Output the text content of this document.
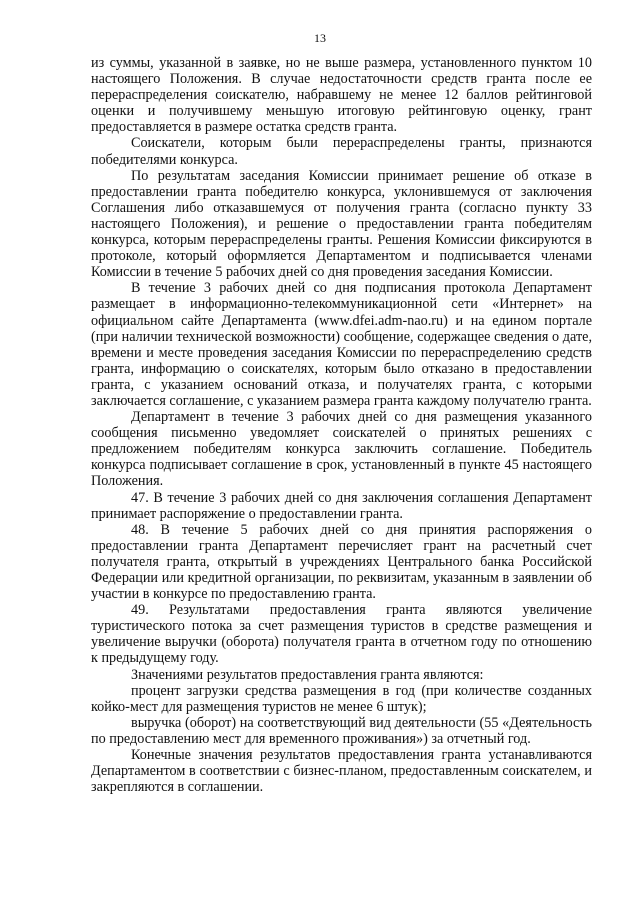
13

из суммы, указанной в заявке, но не выше размера, установленного пунктом 10 настоящего Положения. В случае недостаточности средств гранта после ее перераспределения соискателю, набравшему не менее 12 баллов рейтинговой оценки и получившему меньшую итоговую рейтинговую оценку, грант предоставляется в размере остатка средств гранта.

Соискатели, которым были перераспределены гранты, признаются победителями конкурса.

По результатам заседания Комиссии принимает решение об отказе в предоставлении гранта победителю конкурса, уклонившемуся от заключения Соглашения либо отказавшемуся от получения гранта (согласно пункту 33 настоящего Положения), и решение о предоставлении гранта победителям конкурса, которым перераспределены гранты. Решения Комиссии фиксируются в протоколе, который оформляется Департаментом и подписывается членами Комиссии в течение 5 рабочих дней со дня проведения заседания Комиссии.

В течение 3 рабочих дней со дня подписания протокола Департамент размещает в информационно-телекоммуникационной сети «Интернет» на официальном сайте Департамента (www.dfei.adm-nao.ru) и на едином портале (при наличии технической возможности) сообщение, содержащее сведения о дате, времени и месте проведения заседания Комиссии по перераспределению средств гранта, информацию о соискателях, которым было отказано в предоставлении гранта, с указанием оснований отказа, и получателях гранта, с которыми заключается соглашение, с указанием размера гранта каждому получателю гранта.

Департамент в течение 3 рабочих дней со дня размещения указанного сообщения письменно уведомляет соискателей о принятых решениях с предложением победителям конкурса заключить соглашение. Победитель конкурса подписывает соглашение в срок, установленный в пункте 45 настоящего Положения.

47. В течение 3 рабочих дней со дня заключения соглашения Департамент принимает распоряжение о предоставлении гранта.

48. В течение 5 рабочих дней со дня принятия распоряжения о предоставлении гранта Департамент перечисляет грант на расчетный счет получателя гранта, открытый в учреждениях Центрального банка Российской Федерации или кредитной организации, по реквизитам, указанным в заявлении об участии в конкурсе по предоставлению гранта.

49. Результатами предоставления гранта являются увеличение туристического потока за счет размещения туристов в средстве размещения и увеличение выручки (оборота) получателя гранта в отчетном году по отношению к предыдущему году.

Значениями результатов предоставления гранта являются:

процент загрузки средства размещения в год (при количестве созданных койко-мест для размещения туристов не менее 6 штук);

выручка (оборот) на соответствующий вид деятельности (55 «Деятельность по предоставлению мест для временного проживания») за отчетный год.

Конечные значения результатов предоставления гранта устанавливаются Департаментом в соответствии с бизнес-планом, предоставленным соискателем, и закрепляются в соглашении.
